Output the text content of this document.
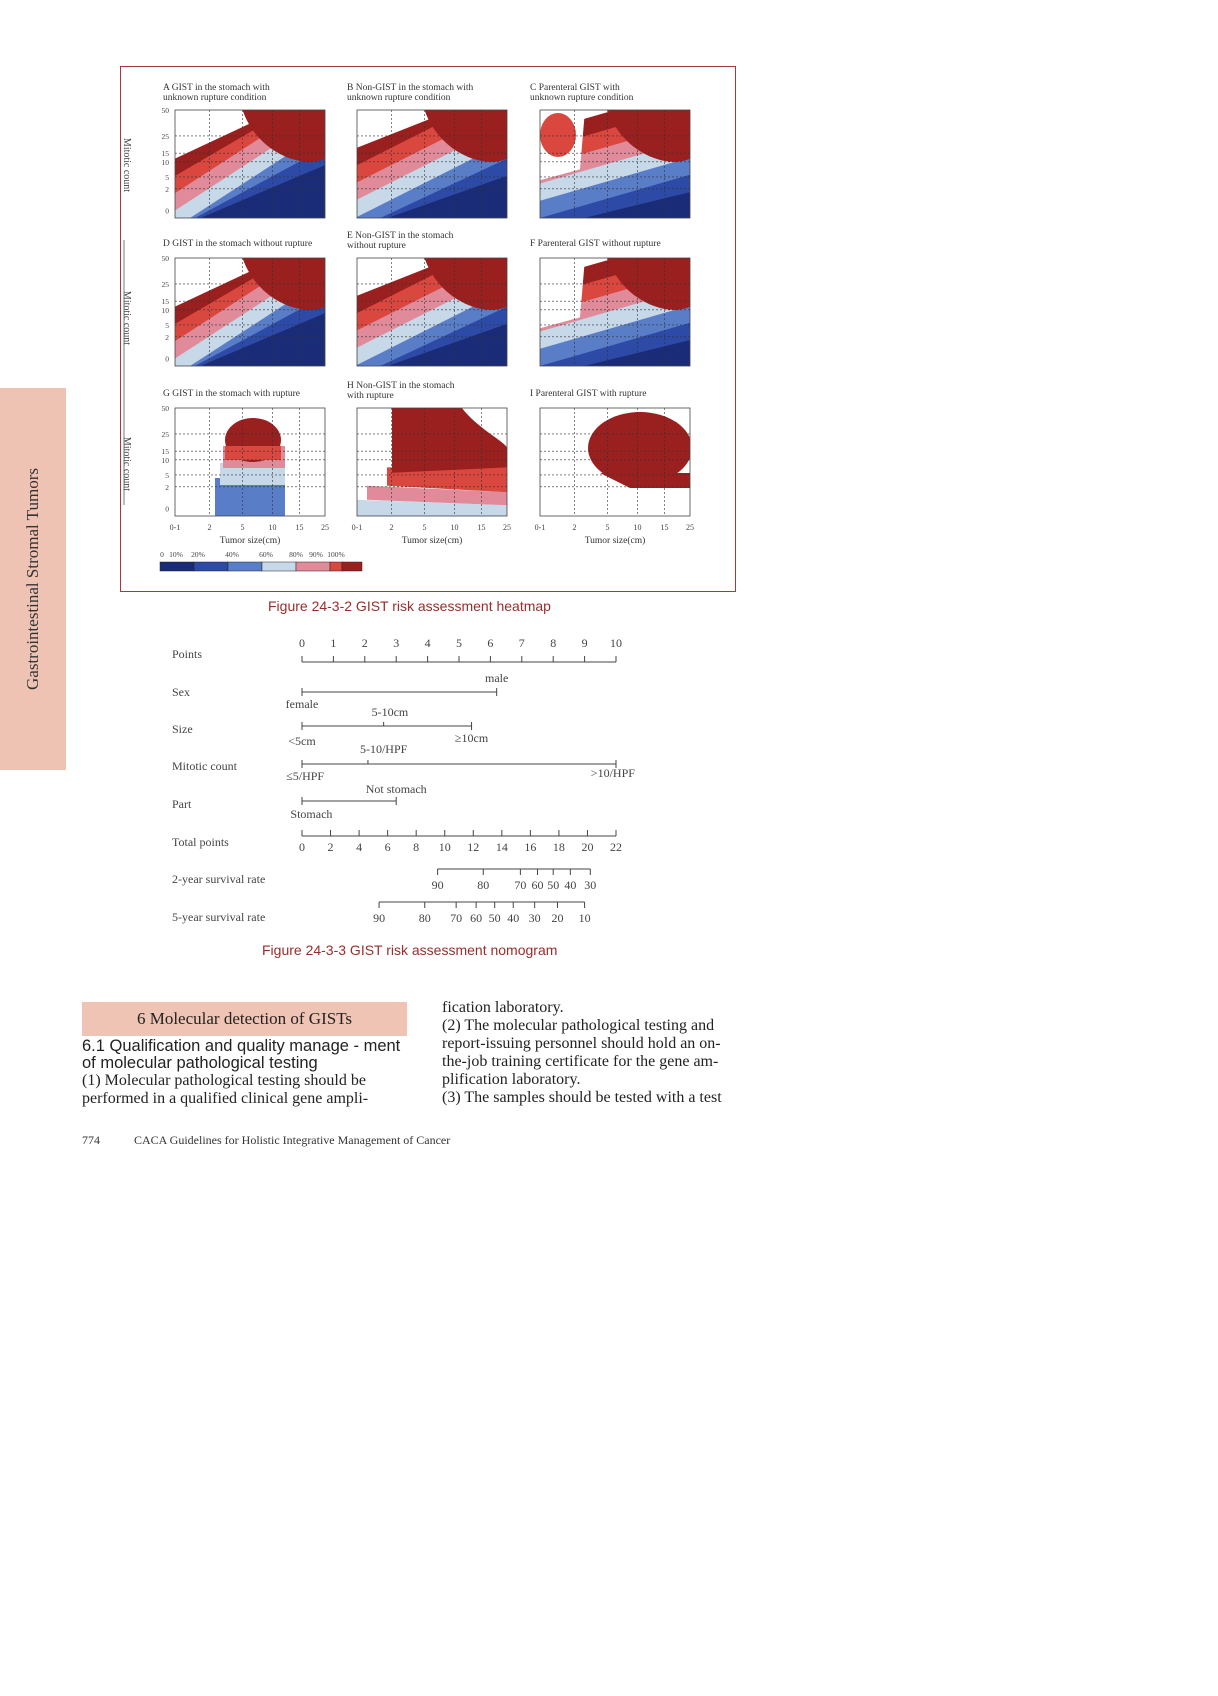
Gastrointestinal Stromal Tumors
A GIST in the stomach with
unknown rupture condition
50
25
15
10
5
2
0
B Non-GIST in the stomach with
unknown rupture condition
C Parenteral GIST with
unknown rupture condition
D GIST in the stomach without rupture
50
25
15
10
5
2
0
E Non-GIST in the stomach
without rupture	F Parenteral GIST without rupture
G GIST in the stomach with rupture
50
25
15
10
5
2
0
0-1	2	5	10 15 25
Tumor size(cm)
H Non-GIST in the stomach
with rupture
0-1	2	5	10 15 25
Tumor size(cm)
I Parenteral GIST with rupture
0-1	2	5	10 15 25
Tumor size(cm)
Mitotic count
Mitotic count
Mitotic count
0 10% 20%	40%	60% 80% 90% 100%
Figure 24-3-2 GIST risk assessment heatmap
Points
Sex
Size
Mitotic count
Part
Total points
2-year survival rate
5-year survival rate
0 1 2 3 4 5 6 7 8 9 10
female
male
<5cm	≥10cm
5-10cm
≤5/HPF	>10/HPF
5-10/HPF
Stomach
Not stomach
0 2 4 6 8 10 12 14 16 18 20 22
90	80 70 60 50 40 30
90	80 70 60 50 40 30 20 10
Figure 24-3-3 GIST risk assessment nomogram
6 Molecular detection of GISTs
6.1 Qualification and quality manage - ment of molecular pathological testing
(1) Molecular pathological testing should be
performed in a qualified clinical gene ampli-
fication laboratory.
(2) The molecular pathological testing and
report-issuing personnel should hold an on-
the-job training certificate for the gene am-
plification laboratory.
(3) The samples should be tested with a test
774	CACA Guidelines for Holistic Integrative Management of Cancer
